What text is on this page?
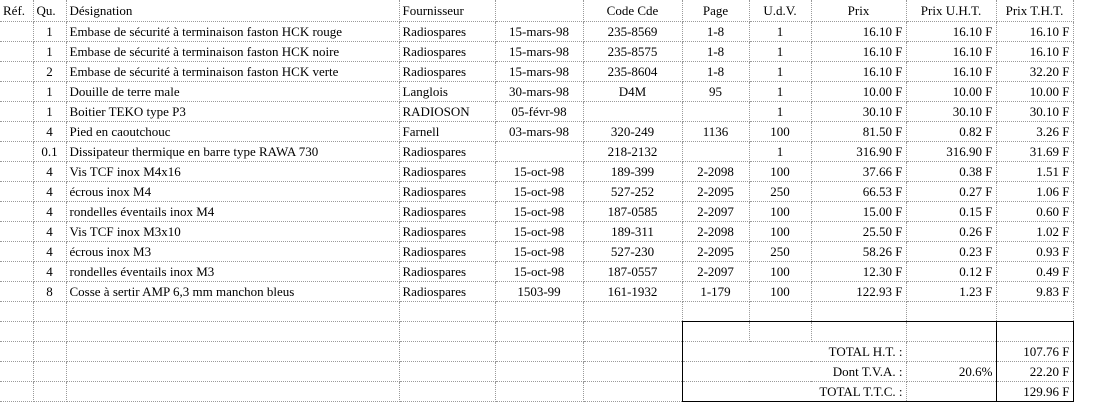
Réf.	Qu.	Désignation	Fournisseur		Code Cde	Page	U.d.V.	Prix	Prix U.H.T.	Prix T.H.T.
	1	Embase de sécurité à terminaison faston HCK rouge	Radiospares	15-mars-98	235-8569	1-8	1	16.10 F	16.10 F	16.10 F
	1	Embase de sécurité à terminaison faston HCK noire	Radiospares	15-mars-98	235-8575	1-8	1	16.10 F	16.10 F	16.10 F
	2	Embase de sécurité à terminaison faston HCK verte	Radiospares	15-mars-98	235-8604	1-8	1	16.10 F	16.10 F	32.20 F
	1	Douille de terre male	Langlois	30-mars-98	D4M	95	1	10.00 F	10.00 F	10.00 F
	1	Boitier TEKO type P3	RADIOSON	05-févr-98			1	30.10 F	30.10 F	30.10 F
	4	Pied en caoutchouc	Farnell	03-mars-98	320-249	1136	100	81.50 F	0.82 F	3.26 F
	0.1	Dissipateur thermique en barre type RAWA 730	Radiospares		218-2132		1	316.90 F	316.90 F	31.69 F
	4	Vis TCF inox M4x16	Radiospares	15-oct-98	189-399	2-2098	100	37.66 F	0.38 F	1.51 F
	4	écrous inox M4	Radiospares	15-oct-98	527-252	2-2095	250	66.53 F	0.27 F	1.06 F
	4	rondelles éventails inox M4	Radiospares	15-oct-98	187-0585	2-2097	100	15.00 F	0.15 F	0.60 F
	4	Vis TCF inox M3x10	Radiospares	15-oct-98	189-311	2-2098	100	25.50 F	0.26 F	1.02 F
	4	écrous inox M3	Radiospares	15-oct-98	527-230	2-2095	250	58.26 F	0.23 F	0.93 F
	4	rondelles éventails inox M3	Radiospares	15-oct-98	187-0557	2-2097	100	12.30 F	0.12 F	0.49 F
	8	Cosse à sertir AMP 6,3 mm manchon bleus	Radiospares	1503-99	161-1932	1-179	100	122.93 F	1.23 F	9.83 F

						TOTAL H.T. :				107.76 F
						Dont T.V.A. :			20.6%	22.20 F
						TOTAL T.T.C. :				129.96 F
